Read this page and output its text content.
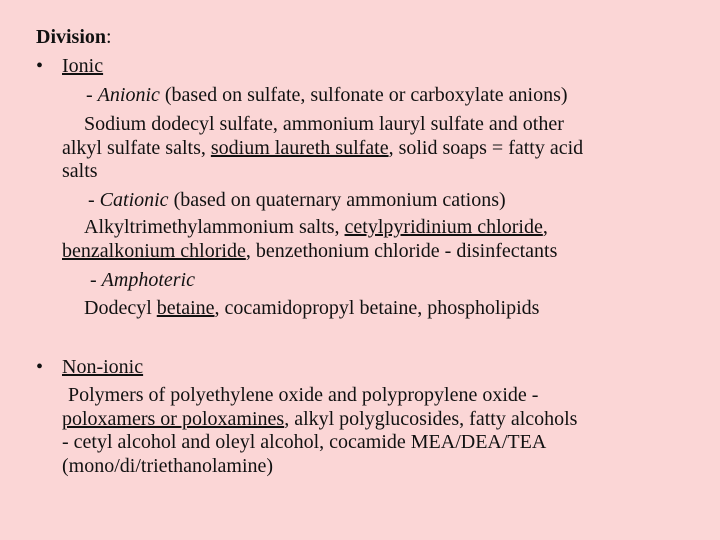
Division:
• Ionic
- Anionic (based on sulfate, sulfonate or carboxylate anions)
Sodium dodecyl sulfate, ammonium lauryl sulfate and other
alkyl sulfate salts, sodium laureth sulfate, solid soaps = fatty acid
salts
- Cationic (based on quaternary ammonium cations)
Alkyltrimethylammonium salts, cetylpyridinium chloride,
benzalkonium chloride, benzethonium chloride - disinfectants
- Amphoteric
Dodecyl betaine, cocamidopropyl betaine, phospholipids
• Non-ionic
Polymers of polyethylene oxide and polypropylene oxide -
poloxamers or poloxamines, alkyl polyglucosides, fatty alcohols
- cetyl alcohol and oleyl alcohol, cocamide MEA/DEA/TEA
(mono/di/triethanolamine)
